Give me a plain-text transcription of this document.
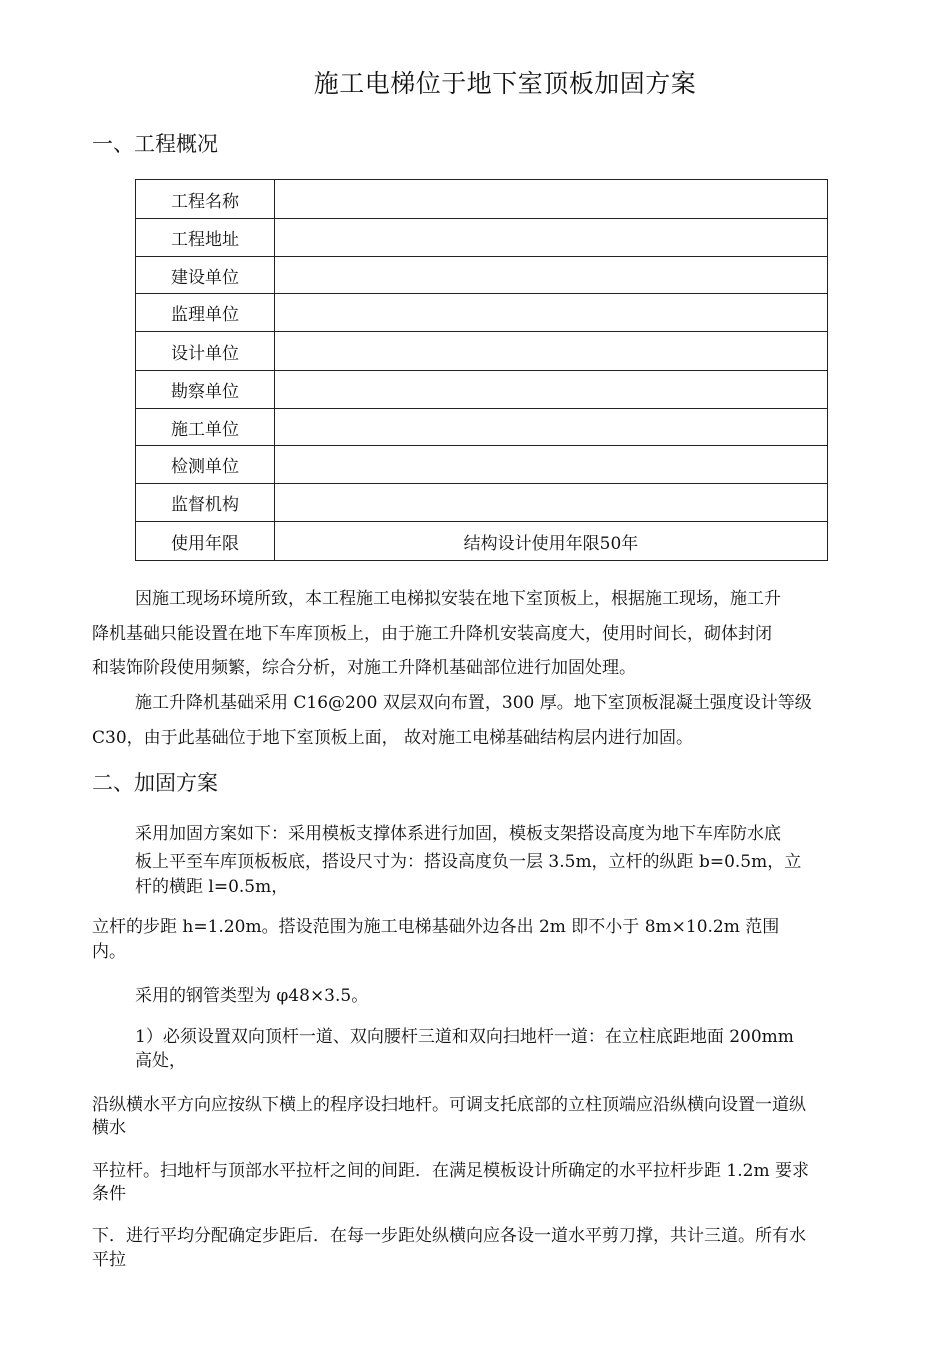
施工电梯位于地下室顶板加固方案
一、工程概况
工程名称	
工程地址	
建设单位	
监理单位	
设计单位	
勘察单位	
施工单位	
检测单位	
监督机构	
使用年限	结构设计使用年限50年
因施工现场环境所致，本工程施工电梯拟安装在地下室顶板上，根据施工现场，施工升
降机基础只能设置在地下车库顶板上，由于施工升降机安装高度大，使用时间长，砌体封闭
和装饰阶段使用频繁，综合分析，对施工升降机基础部位进行加固处理。
施工升降机基础采用 C16@200 双层双向布置，300 厚。地下室顶板混凝土强度设计等级
C30，由于此基础位于地下室顶板上面， 故对施工电梯基础结构层内进行加固。
二、加固方案
采用加固方案如下：采用模板支撑体系进行加固，模板支架搭设高度为地下车库防水底
板上平至车库顶板板底，搭设尺寸为：搭设高度负一层 3.5m，立杆的纵距 b=0.5m，立
杆的横距 l=0.5m，
立杆的步距 h=1.20m。搭设范围为施工电梯基础外边各出 2m 即不小于 8m×10.2m 范围
内。
采用的钢管类型为 φ48×3.5。
1）必须设置双向顶杆一道、双向腰杆三道和双向扫地杆一道：在立柱底距地面 200mm
高处，
沿纵横水平方向应按纵下横上的程序设扫地杆。可调支托底部的立柱顶端应沿纵横向设置一道纵
横水
平拉杆。扫地杆与顶部水平拉杆之间的间距．在满足模板设计所确定的水平拉杆步距 1.2m 要求
条件
下．进行平均分配确定步距后．在每一步距处纵横向应各设一道水平剪刀撑，共计三道。所有水
平拉
